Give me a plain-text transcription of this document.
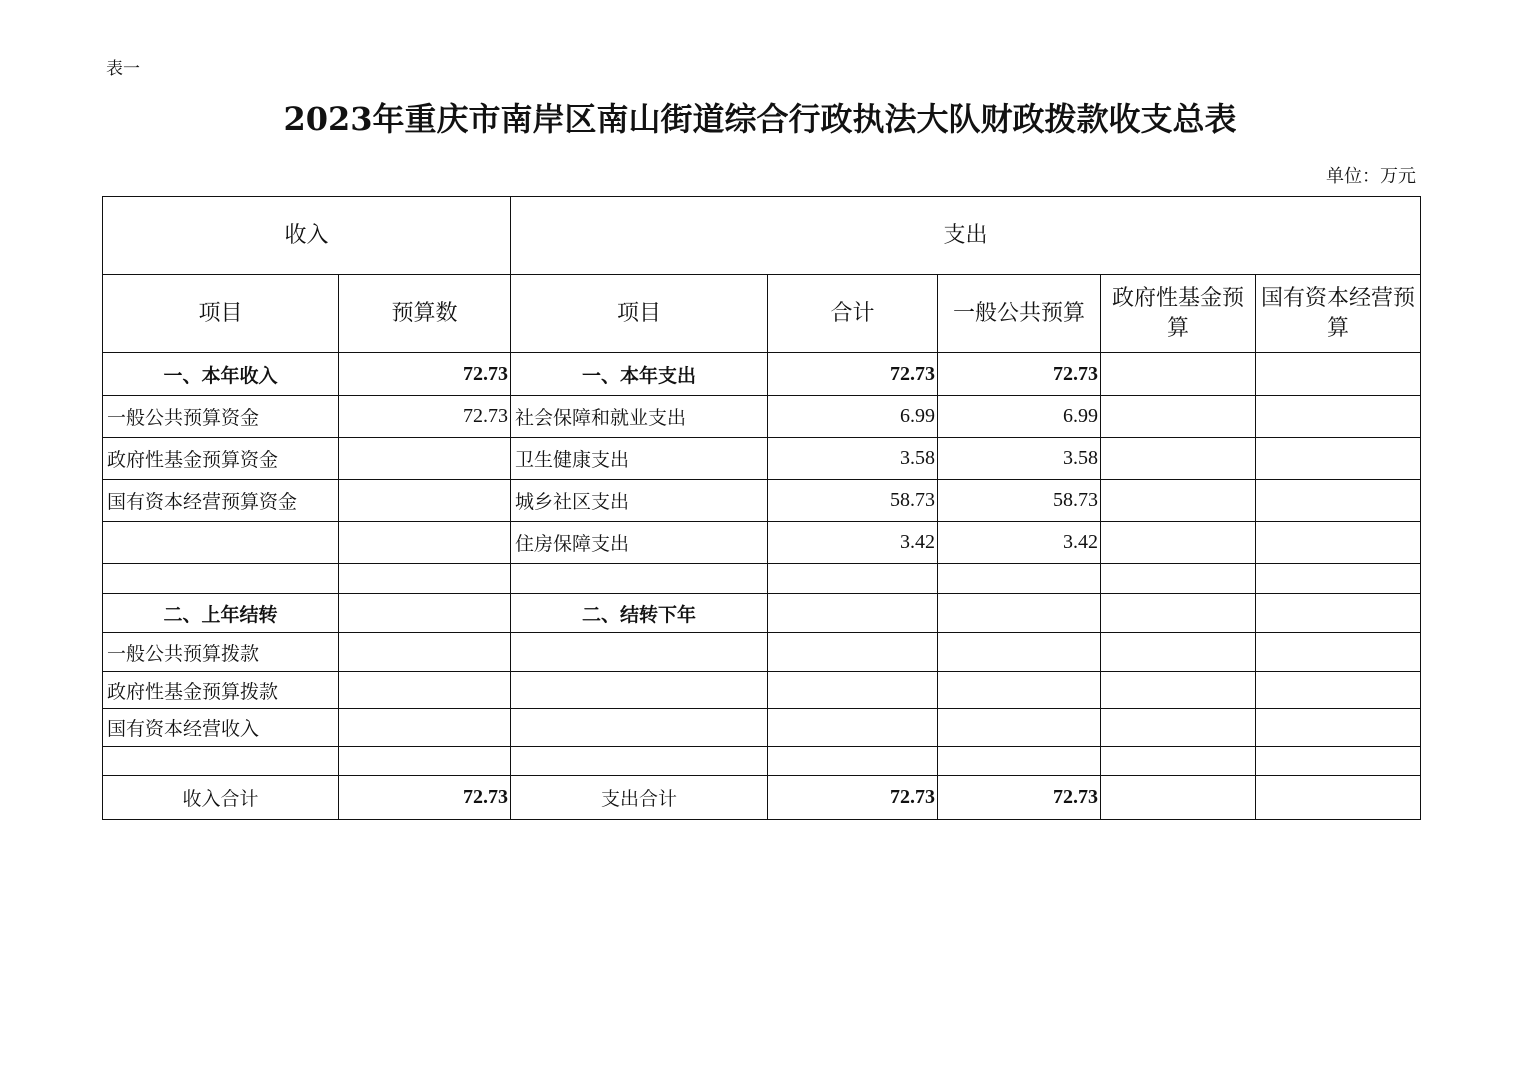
表一
2023年重庆市南岸区南山街道综合行政执法大队财政拨款收支总表
单位：万元
收入		支出				
项目	预算数	项目	合计	一般公共预算	政府性基金预算	国有资本经营预算
一、本年收入	72.73	一、本年支出	72.73	72.73		
一般公共预算资金	72.73	社会保障和就业支出	6.99	6.99		
政府性基金预算资金		卫生健康支出	3.58	3.58		
国有资本经营预算资金		城乡社区支出	58.73	58.73		
		住房保障支出	3.42	3.42		

二、上年结转		二、结转下年				
一般公共预算拨款						
政府性基金预算拨款						
国有资本经营收入						

收入合计	72.73	支出合计	72.73	72.73		
